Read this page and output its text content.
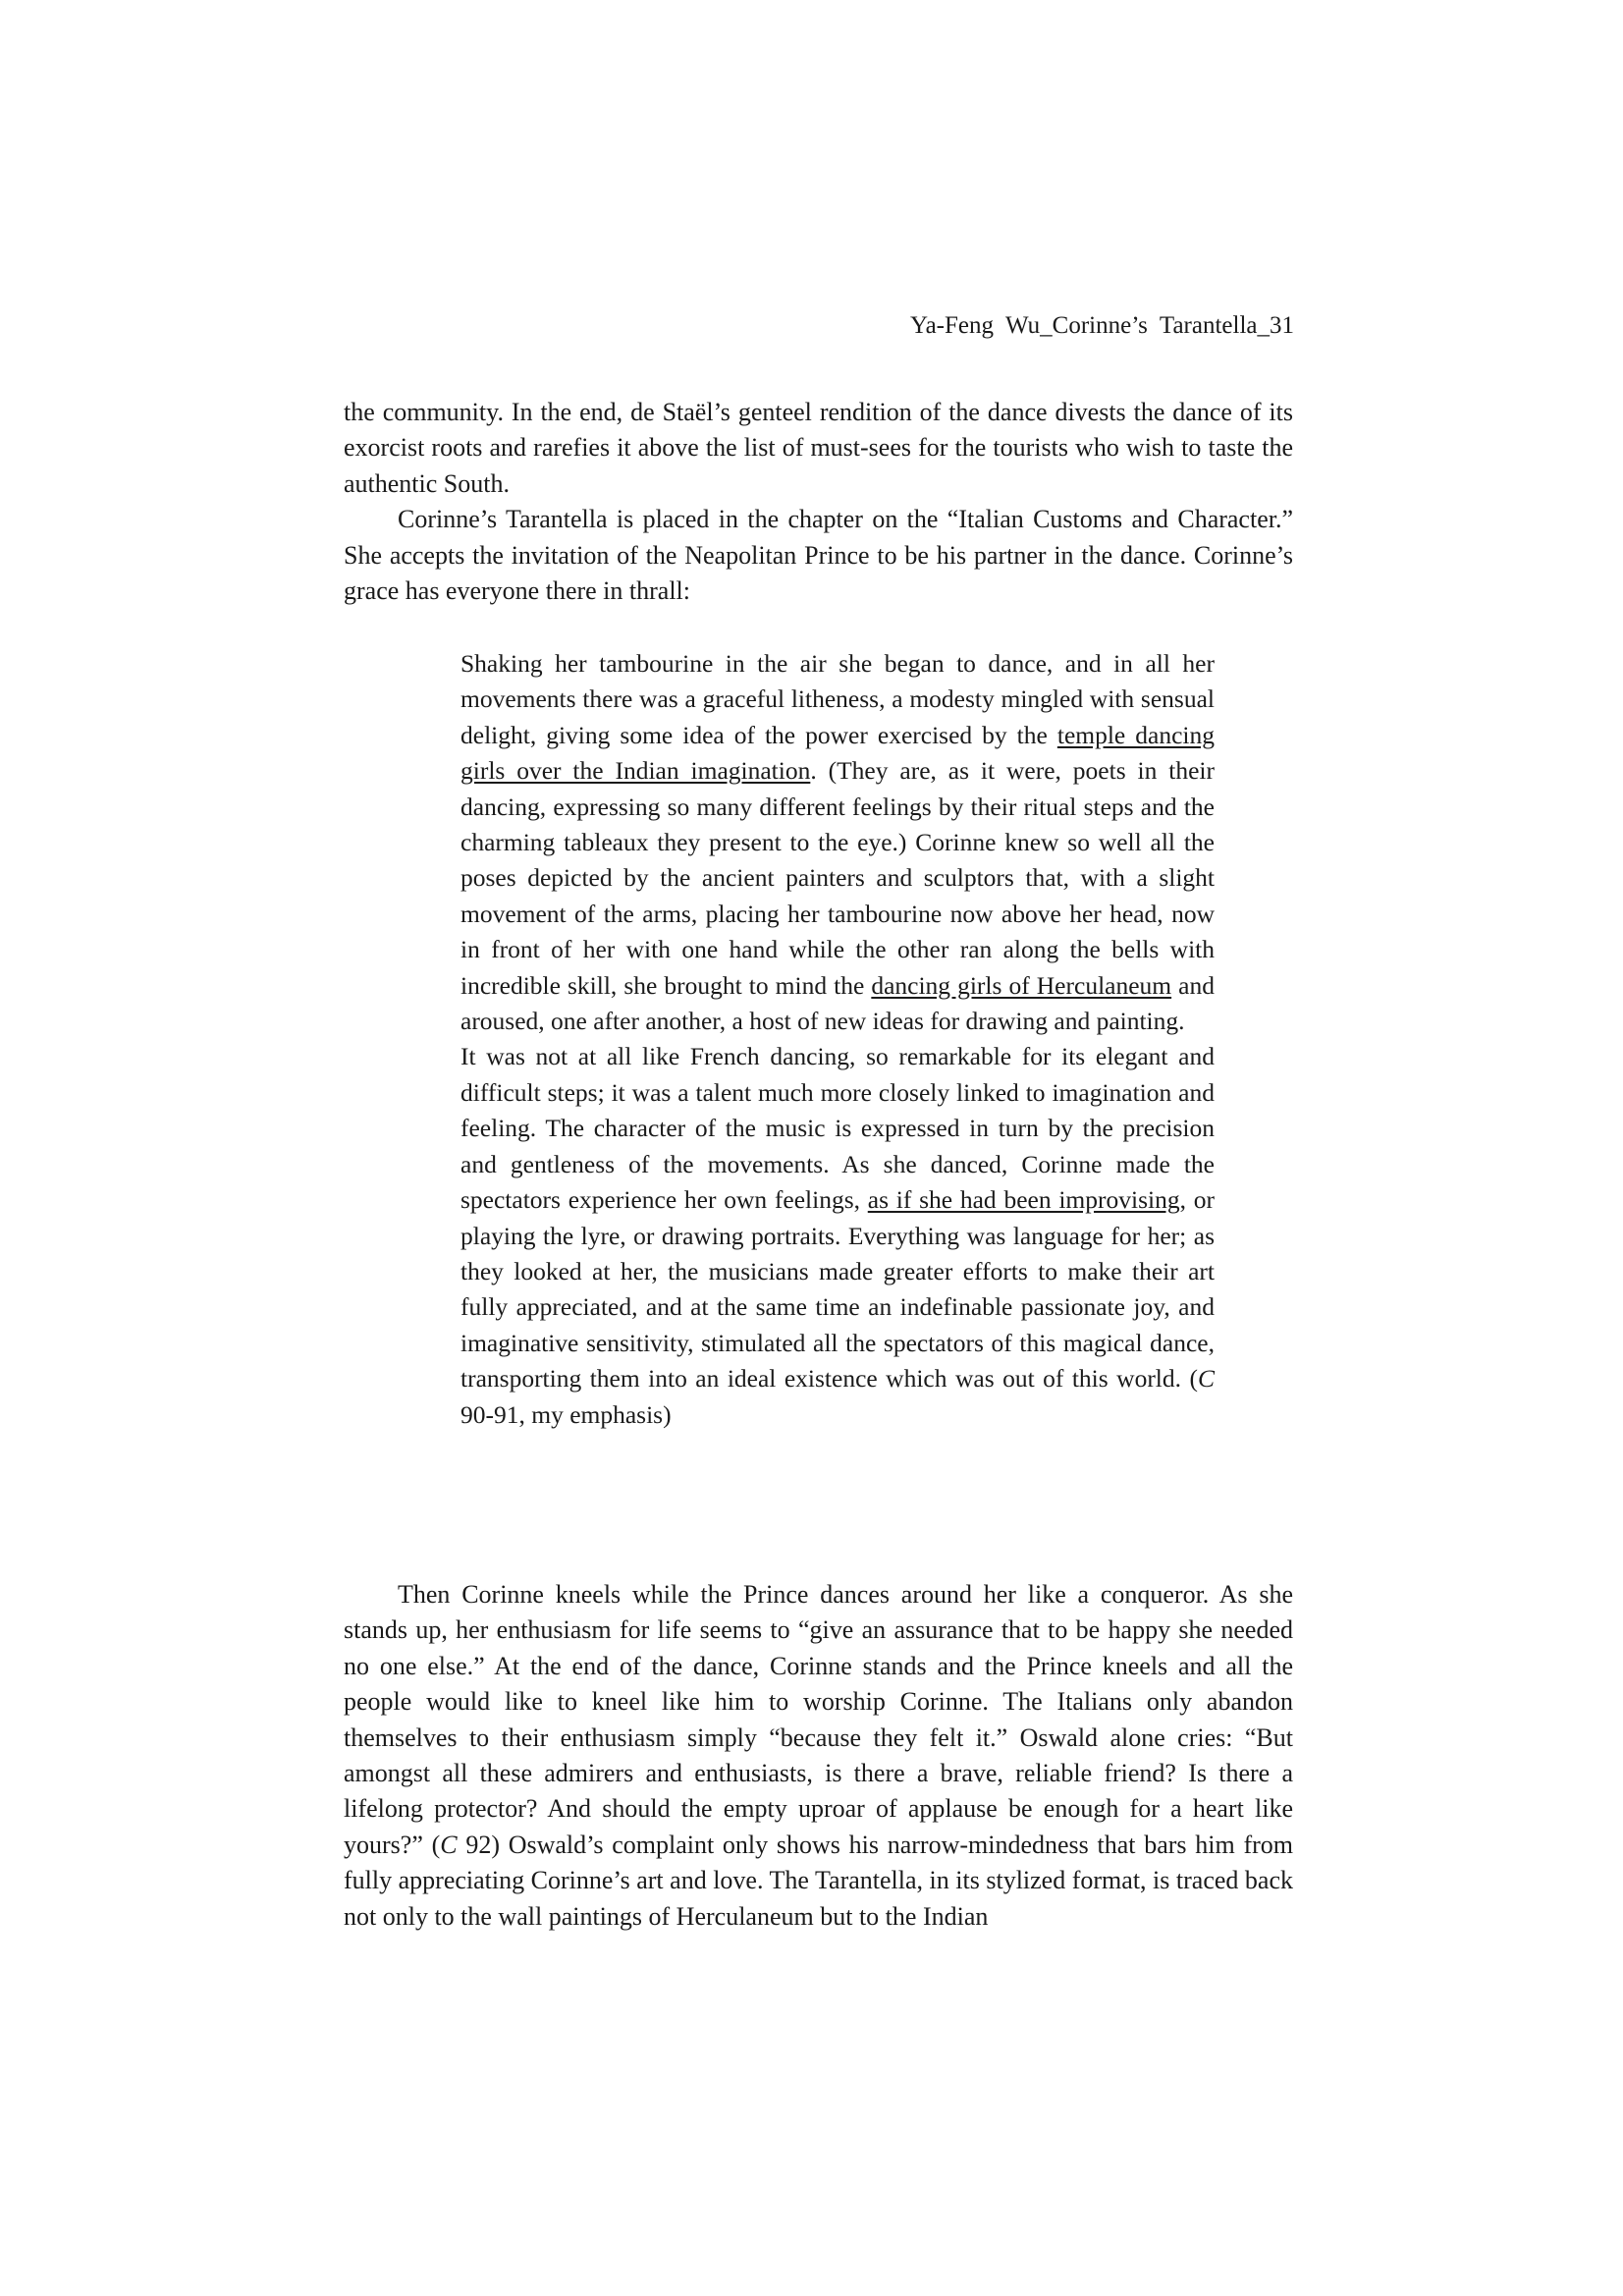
Ya-Feng  Wu_Corinne’s  Tarantella_31

the community. In the end, de Staël’s genteel rendition of the dance divests the dance of its exorcist roots and rarefies it above the list of must-sees for the tourists who wish to taste the authentic South.

Corinne’s Tarantella is placed in the chapter on the “Italian Customs and Character.” She accepts the invitation of the Neapolitan Prince to be his partner in the dance. Corinne’s grace has everyone there in thrall:

Shaking her tambourine in the air she began to dance, and in all her movements there was a graceful litheness, a modesty mingled with sensual delight, giving some idea of the power exercised by the temple dancing girls over the Indian imagination. (They are, as it were, poets in their dancing, expressing so many different feelings by their ritual steps and the charming tableaux they present to the eye.) Corinne knew so well all the poses depicted by the ancient painters and sculptors that, with a slight movement of the arms, placing her tambourine now above her head, now in front of her with one hand while the other ran along the bells with incredible skill, she brought to mind the dancing girls of Herculaneum and aroused, one after another, a host of new ideas for drawing and painting.

It was not at all like French dancing, so remarkable for its elegant and difficult steps; it was a talent much more closely linked to imagination and feeling. The character of the music is expressed in turn by the precision and gentleness of the movements. As she danced, Corinne made the spectators experience her own feelings, as if she had been improvising, or playing the lyre, or drawing portraits. Everything was language for her; as they looked at her, the musicians made greater efforts to make their art fully appreciated, and at the same time an indefinable passionate joy, and imaginative sensitivity, stimulated all the spectators of this magical dance, transporting them into an ideal existence which was out of this world. (C 90-91, my emphasis)

Then Corinne kneels while the Prince dances around her like a conqueror. As she stands up, her enthusiasm for life seems to “give an assurance that to be happy she needed no one else.” At the end of the dance, Corinne stands and the Prince kneels and all the people would like to kneel like him to worship Corinne. The Italians only abandon themselves to their enthusiasm simply “because they felt it.” Oswald alone cries: “But amongst all these admirers and enthusiasts, is there a brave, reliable friend? Is there a lifelong protector? And should the empty uproar of applause be enough for a heart like yours?” (C 92) Oswald’s complaint only shows his narrow-mindedness that bars him from fully appreciating Corinne’s art and love. The Tarantella, in its stylized format, is traced back not only to the wall paintings of Herculaneum but to the Indian
